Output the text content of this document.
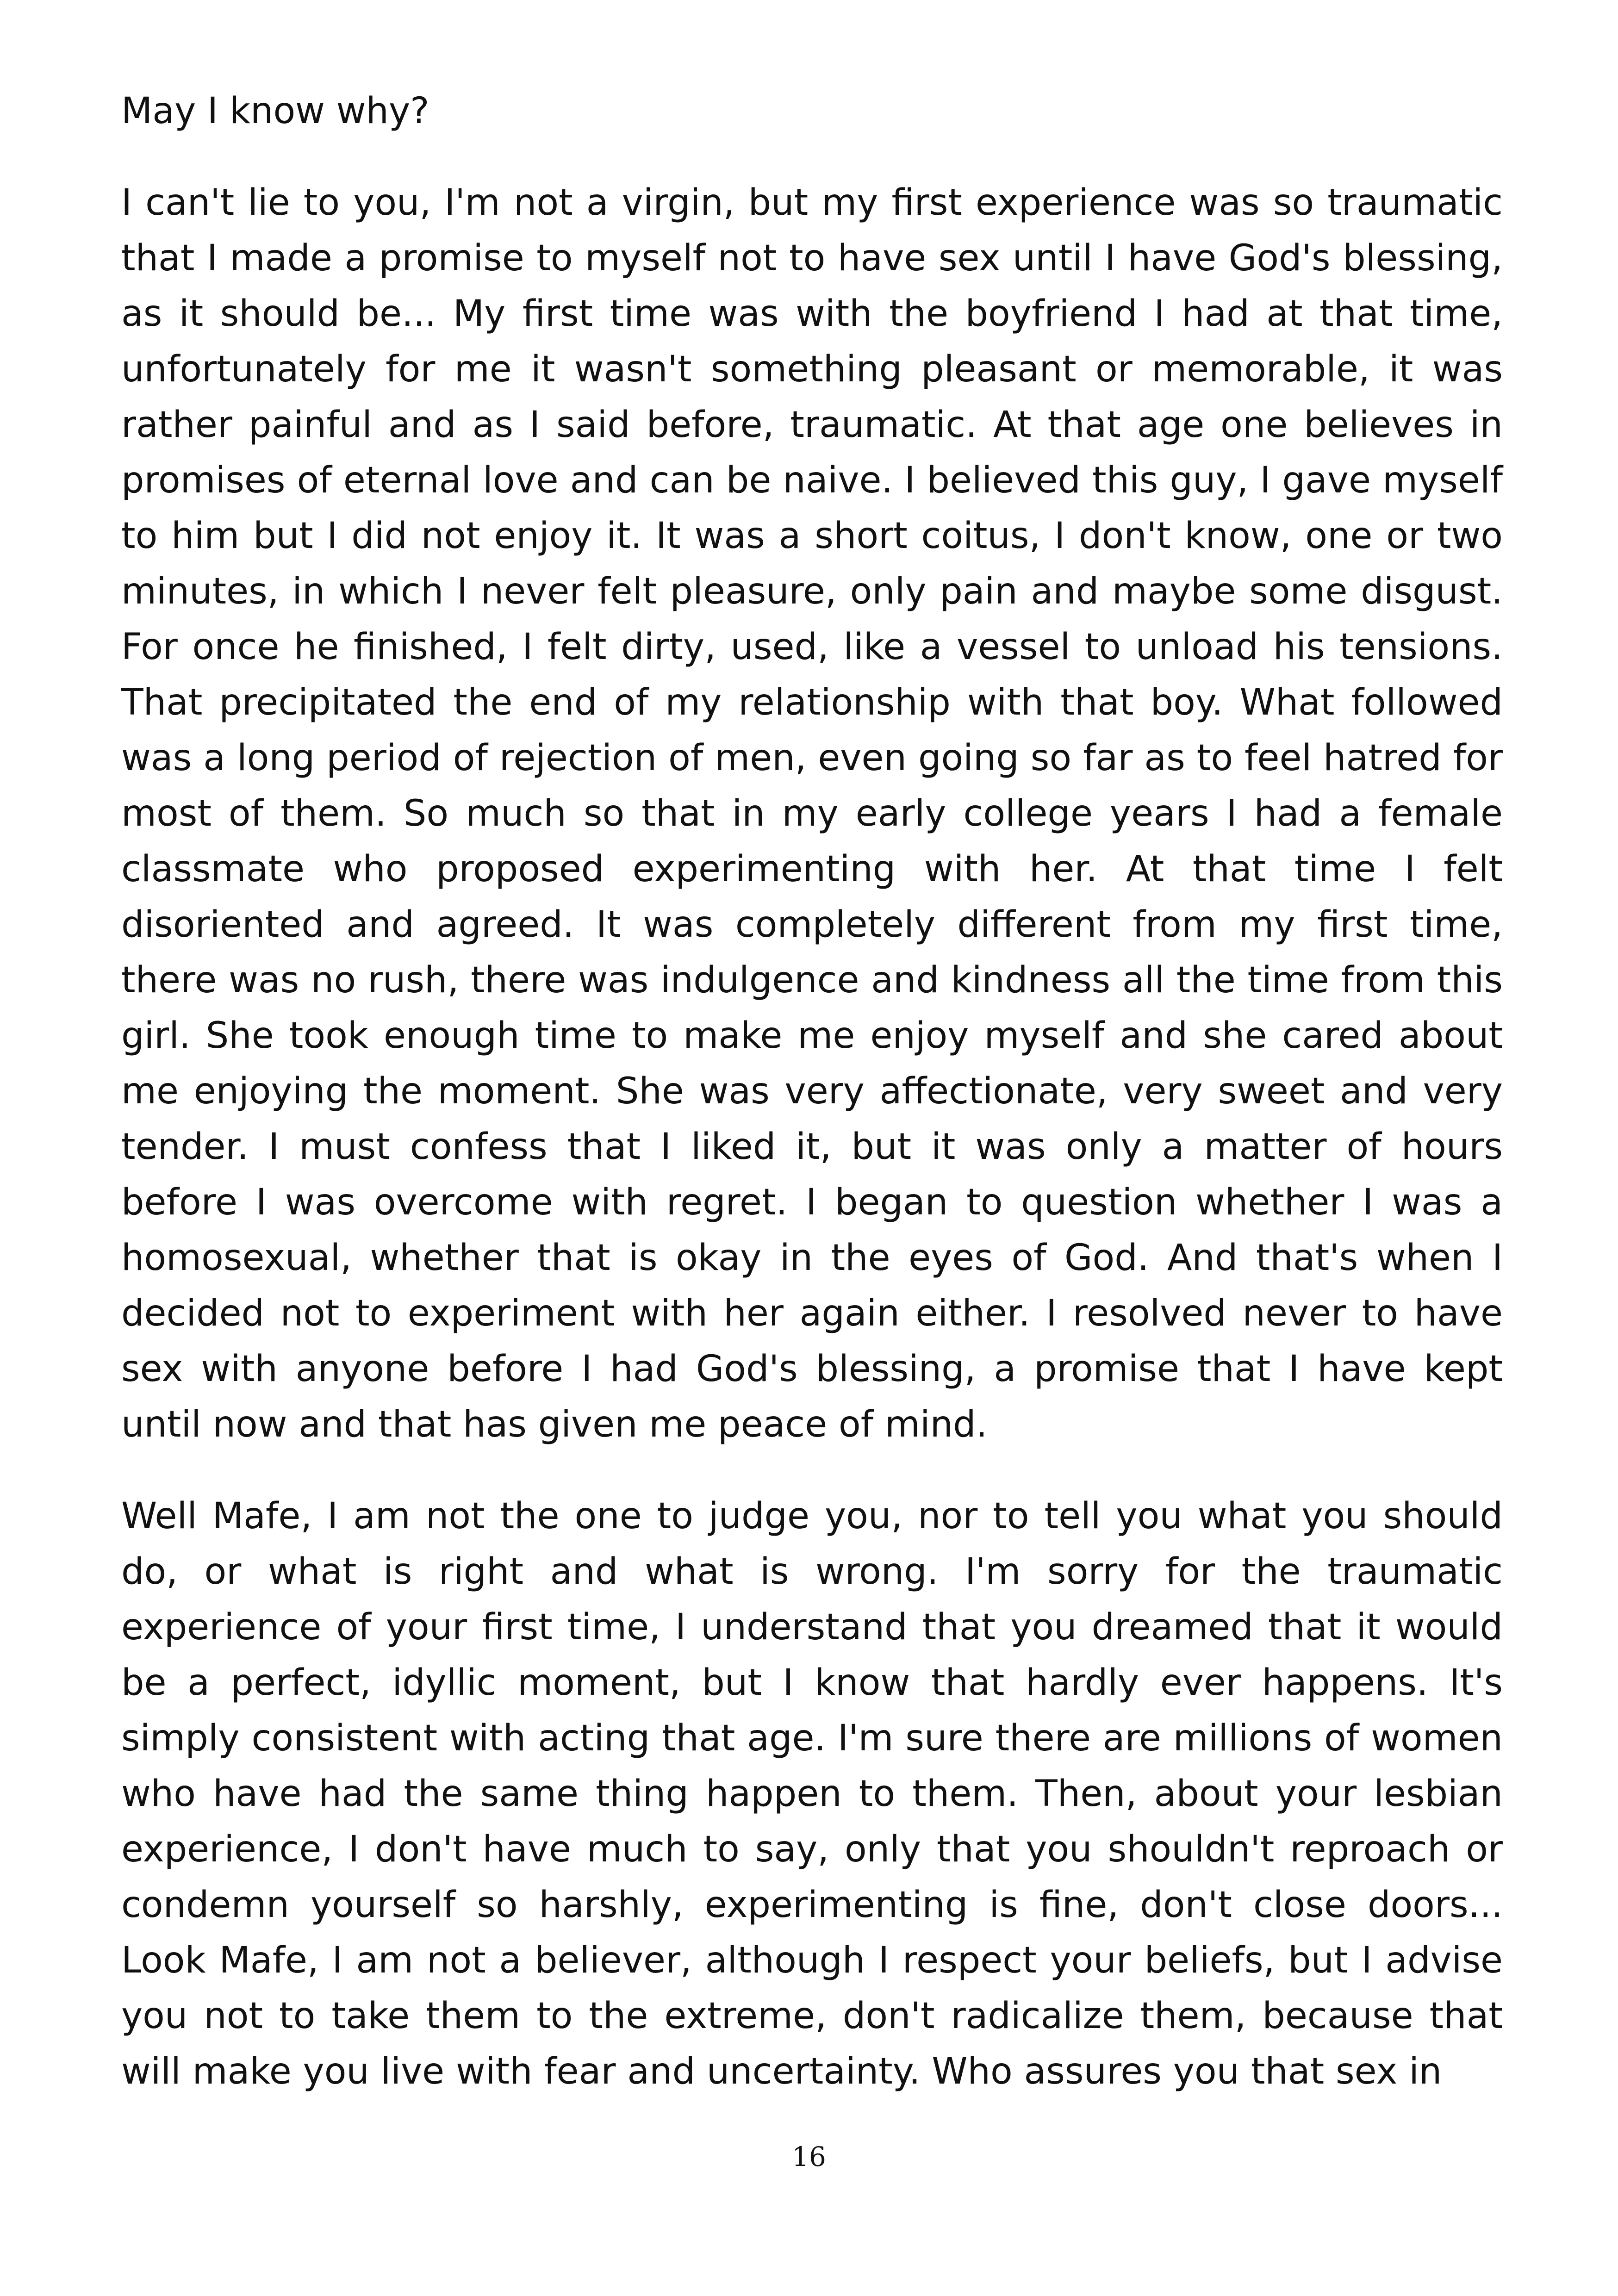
May I know why?

I can't lie to you, I'm not a virgin, but my first experience was so traumatic that I made a promise to myself not to have sex until I have God's blessing, as it should be... My first time was with the boyfriend I had at that time, unfortunately for me it wasn't something pleasant or memorable, it was rather painful and as I said before, traumatic. At that age one believes in promises of eternal love and can be naive. I believed this guy, I gave myself to him but I did not enjoy it. It was a short coitus, I don't know, one or two minutes, in which I never felt pleasure, only pain and maybe some disgust. For once he finished, I felt dirty, used, like a vessel to unload his tensions. That precipitated the end of my relationship with that boy. What followed was a long period of rejection of men, even going so far as to feel hatred for most of them. So much so that in my early college years I had a female classmate who proposed experimenting with her. At that time I felt disoriented and agreed. It was completely different from my first time, there was no rush, there was indulgence and kindness all the time from this girl. She took enough time to make me enjoy myself and she cared about me enjoying the moment. She was very affectionate, very sweet and very tender. I must confess that I liked it, but it was only a matter of hours before I was overcome with regret. I began to question whether I was a homosexual, whether that is okay in the eyes of God. And that's when I decided not to experiment with her again either. I resolved never to have sex with anyone before I had God's blessing, a promise that I have kept until now and that has given me peace of mind.

Well Mafe, I am not the one to judge you, nor to tell you what you should do, or what is right and what is wrong. I'm sorry for the traumatic experience of your first time, I understand that you dreamed that it would be a perfect, idyllic moment, but I know that hardly ever happens. It's simply consistent with acting that age. I'm sure there are millions of women who have had the same thing happen to them. Then, about your lesbian experience, I don't have much to say, only that you shouldn't reproach or condemn yourself so harshly, experimenting is fine, don't close doors... Look Mafe, I am not a believer, although I respect your beliefs, but I advise you not to take them to the extreme, don't radicalize them, because that will make you live with fear and uncertainty. Who assures you that sex in

16
